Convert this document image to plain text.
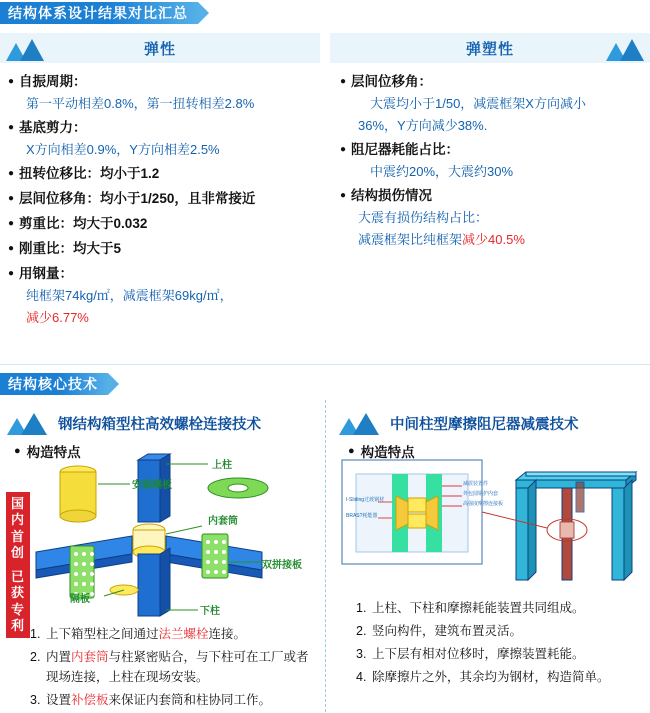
结构体系设计结果对比汇总
弹性	弹塑性
● 自振周期：
第一平动相差0.8%，第一扭转相差2.8%
● 基底剪力：
X方向相差0.9%，Y方向相差2.5%
● 扭转位移比：均小于1.2
● 层间位移角：均小于1/250，且非常接近
● 剪重比：均大于0.032
● 刚重比：均大于5
● 用钢量：
纯框架74kg/㎡，减震框架69kg/㎡，
减少6.77%
● 层间位移角：
大震均小于1/50，减震框架X方向减小
36%，Y方向减少38%.
● 阻尼器耗能占比：
中震约20%，大震约30%
● 结构损伤情况
大震有损伤结构占比：
减震框架比纯框架减少40.5%
结构核心技术
钢结构箱型柱高效螺栓连接技术
● 构造特点
国
内
首
创
已
获
专
利
上柱
安装隔板
内套筒
双拼接板
隔板
下柱
1. 上下箱型柱之间通过法兰螺栓连接。
2. 内置内套筒与柱紧密贴合，与下柱可在工厂或者现场连接，上柱在现场安装。
3. 设置补偿板来保证内套筒和柱协同工作。
中间柱型摩擦阻尼器减震技术
● 构造特点
减震装置件
外包圆钢护内套
高强度摩擦连接板
I-Sliding过渡钢材
BRAS?耗能器
1. 上柱、下柱和摩擦耗能装置共同组成。
2. 竖向构件，建筑布置灵活。
3. 上下层有相对位移时，摩擦装置耗能。
4. 除摩擦片之外，其余均为钢材，构造简单。
